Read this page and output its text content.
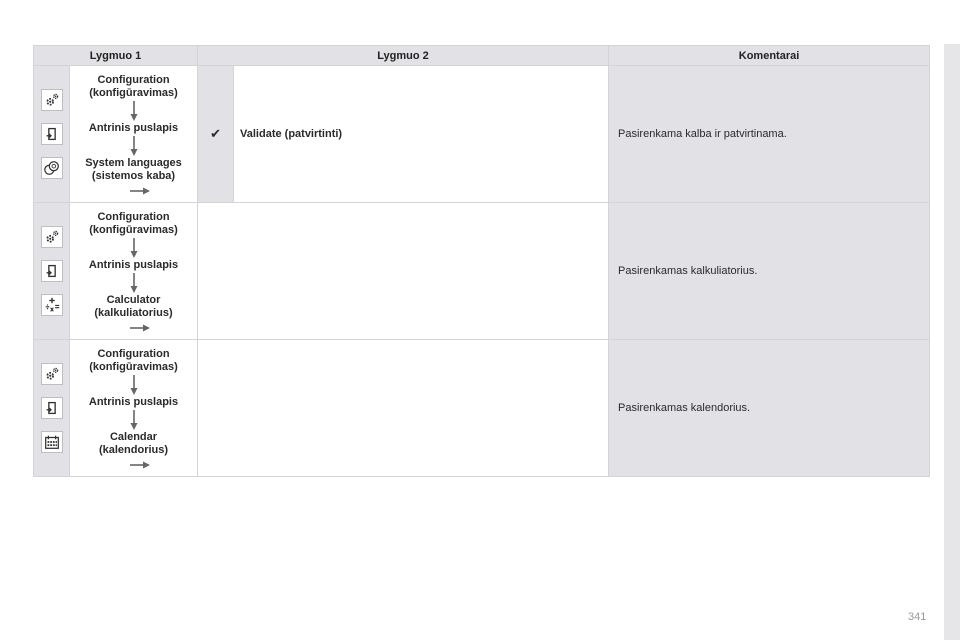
Lygmuo 1		Lygmuo 2		Komentarai

Configuration
(konfigūravimas)
Antrinis puslapis
System languages
(sistemos kaba)	✔	Validate (patvirtinti)	Pasirenkama kalba ir patvirtinama.

Configuration
(konfigūravimas)
Antrinis puslapis
Calculator
(kalkuliatorius)			Pasirenkamas kalkuliatorius.

Configuration
(konfigūravimas)
Antrinis puslapis
Calendar
(kalendorius)			Pasirenkamas kalendorius.
341
